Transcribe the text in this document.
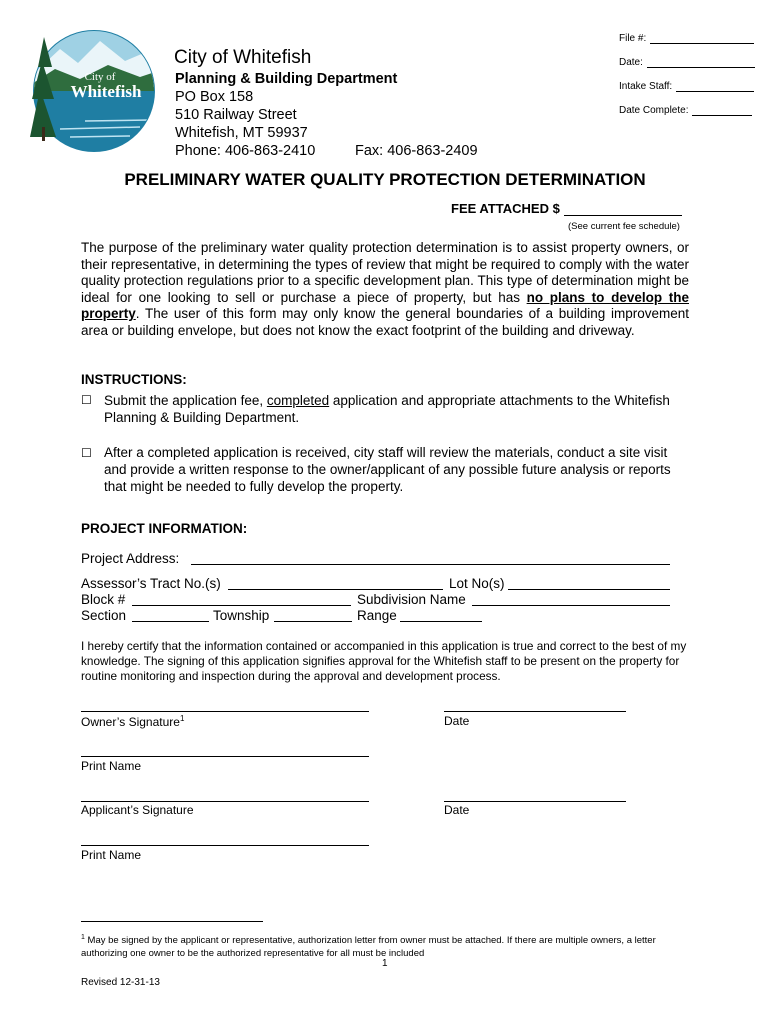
City of
Whitefish
City of Whitefish
Planning & Building Department
PO Box 158
510 Railway Street
Whitefish, MT 59937
Phone: 406-863-2410	Fax: 406-863-2409
File #:
Date:
Intake Staff:
Date Complete:
PRELIMINARY WATER QUALITY PROTECTION DETERMINATION
FEE ATTACHED $
(See current fee schedule)
The purpose of the preliminary water quality protection determination is to assist property owners, or their representative, in determining the types of review that might be required to comply with the water quality protection regulations prior to a specific development plan. This type of determination might be ideal for one looking to sell or purchase a piece of property, but has no plans to develop the property. The user of this form may only know the general boundaries of a building improvement area or building envelope, but does not know the exact footprint of the building and driveway.
INSTRUCTIONS:
☐ Submit the application fee, completed application and appropriate attachments to the Whitefish Planning & Building Department.
☐ After a completed application is received, city staff will review the materials, conduct a site visit and provide a written response to the owner/applicant of any possible future analysis or reports that might be needed to fully develop the property.
PROJECT INFORMATION:
Project Address:
Assessor’s Tract No.(s)	Lot No(s)
Block #	Subdivision Name
Section	Township	Range
I hereby certify that the information contained or accompanied in this application is true and correct to the best of my knowledge. The signing of this application signifies approval for the Whitefish staff to be present on the property for routine monitoring and inspection during the approval and development process.
Owner’s Signature$^1$	Date
Print Name
Applicant’s Signature	Date
Print Name
$^1$ May be signed by the applicant or representative, authorization letter from owner must be attached. If there are multiple owners, a letter authorizing one owner to be the authorized representative for all must be included
1
Revised 12-31-13
